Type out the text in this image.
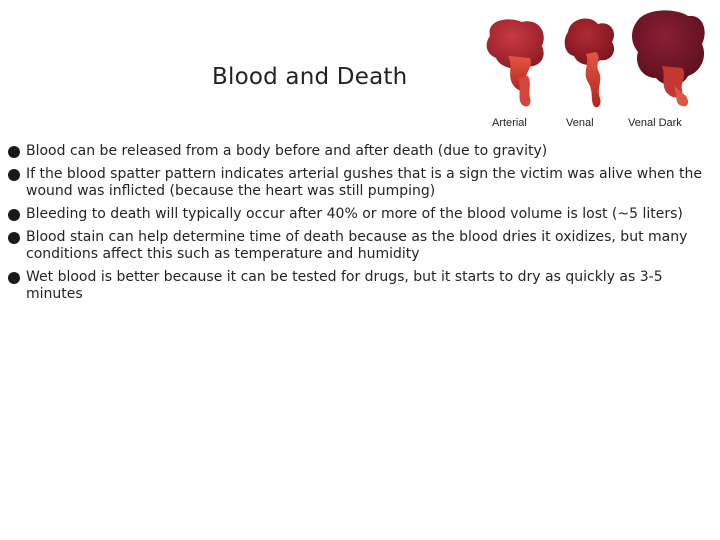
Blood and Death
Arterial	Venal	Venal Dark
Blood can be released from a body before and after death (due to gravity)
If the blood spatter pattern indicates arterial gushes that is a sign the victim was alive when the wound was inflicted (because the heart was still pumping)
Bleeding to death will typically occur after 40% or more of the blood volume is lost (~5 liters)
Blood stain can help determine time of death because as the blood dries it oxidizes, but many conditions affect this such as temperature and humidity
Wet blood is better because it can be tested for drugs, but it starts to dry as quickly as 3-5 minutes
